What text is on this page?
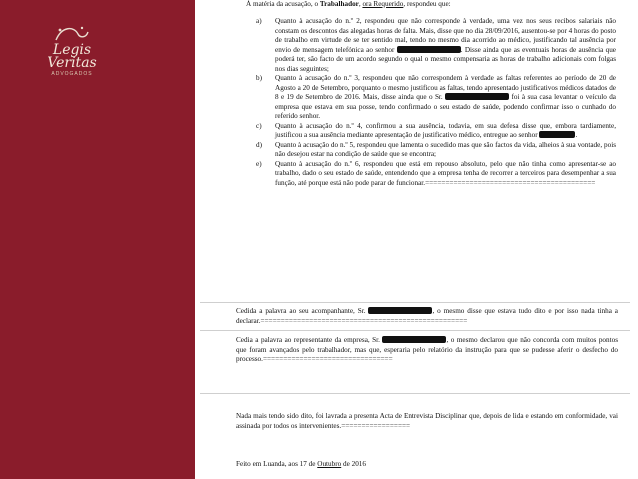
Legis
Veritas
ADVOGADOS
À matéria da acusação, o Trabalhador, ora Requerido, respondeu que:
a) Quanto à acusação do n.º 2, respondeu que não corresponde à verdade, uma vez nos seus recibos salariais não constam os descontos das alegadas horas de falta. Mais, disse que no dia 28/09/2016, ausentou-se por 4 horas do posto de trabalho em virtude de se ter sentido mal, tendo no mesmo dia acorrido ao médico, justificando tal ausência por envio de mensagem telefónica ao senhor	. Disse ainda que as eventuais horas de ausência que poderá ter, são facto de um acordo segundo o qual o mesmo compensaria as horas de trabalho adicionais com folgas nos dias seguintes;
b) Quanto à acusação do n.º 3, respondeu que não correspondem à verdade as faltas referentes ao período de 20 de Agosto a 20 de Setembro, porquanto o mesmo justificou as faltas, tendo apresentado justificativos médicos datados de 8 e 19 de Setembro de 2016. Mais, disse ainda que o Sr.	foi à sua casa levantar o veículo da empresa que estava em sua posse, tendo confirmado o seu estado de saúde, podendo confirmar isso o cunhado do referido senhor.
c) Quanto à acusação do n.º 4, confirmou a sua ausência, todavia, em sua defesa disse que, embora tardiamente, justificou a sua ausência mediante apresentação de justificativo médico, entregue ao senhor	.
d) Quanto à acusação do n.º 5, respondeu que lamenta o sucedido mas que são factos da vida, alheios à sua vontade, pois não desejou estar na condição de saúde que se encontra;
e) Quanto à acusação do n.º 6, respondeu que está em repouso absoluto, pelo que não tinha como apresentar-se ao trabalho, dado o seu estado de saúde, entendendo que a empresa tenha de recorrer a terceiros para desempenhar a sua função, até porque está não pode parar de funcionar.==========================================
Cedida a palavra ao seu acompanhante, Sr.	, o mesmo disse que estava tudo dito e por isso nada tinha a declarar.===================================================
Cedia a palavra ao representante da empresa, Sr.	, o mesmo declarou que não concorda com muitos pontos que foram avançados pelo trabalhador, mas que, esperaria pelo relatório da instrução para que se pudesse aferir o desfecho do processo.================================
Nada mais tendo sido dito, foi lavrada a presenta Acta de Entrevista Disciplinar que, depois de lida e estando em conformidade, vai assinada por todos os intervenientes.=================
Feito em Luanda, aos 17 de Outubro de 2016
